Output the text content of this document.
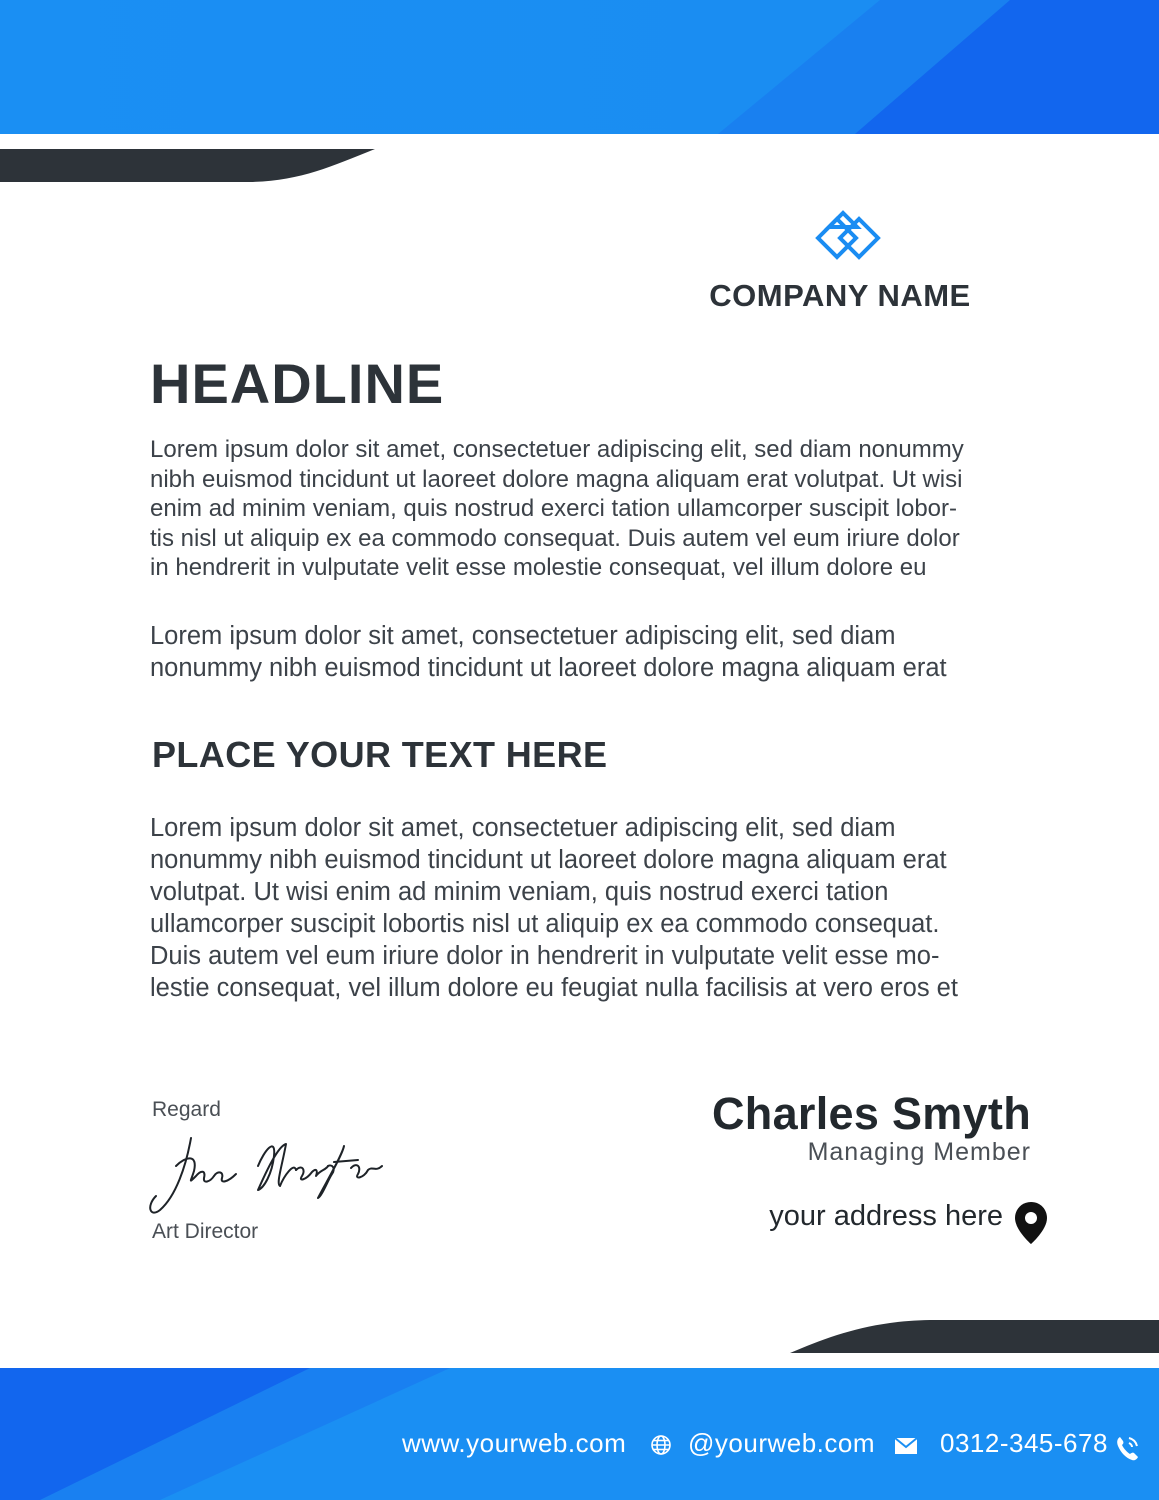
COMPANY NAME
HEADLINE
Lorem ipsum dolor sit amet, consectetuer adipiscing elit, sed diam nonummy
nibh euismod tincidunt ut laoreet dolore magna aliquam erat volutpat. Ut wisi
enim ad minim veniam, quis nostrud exerci tation ullamcorper suscipit lobor-
tis nisl ut aliquip ex ea commodo consequat. Duis autem vel eum iriure dolor
in hendrerit in vulputate velit esse molestie consequat, vel illum dolore eu
Lorem ipsum dolor sit amet, consectetuer adipiscing elit, sed diam
nonummy nibh euismod tincidunt ut laoreet dolore magna aliquam erat
PLACE YOUR TEXT HERE
Lorem ipsum dolor sit amet, consectetuer adipiscing elit, sed diam
nonummy nibh euismod tincidunt ut laoreet dolore magna aliquam erat
volutpat. Ut wisi enim ad minim veniam, quis nostrud exerci tation
ullamcorper suscipit lobortis nisl ut aliquip ex ea commodo consequat.
Duis autem vel eum iriure dolor in hendrerit in vulputate velit esse mo-
lestie consequat, vel illum dolore eu feugiat nulla facilisis at vero eros et
Regard
Art Director
Charles Smyth
Managing Member
your address here
www.yourweb.com @yourweb.com 0312-345-678
